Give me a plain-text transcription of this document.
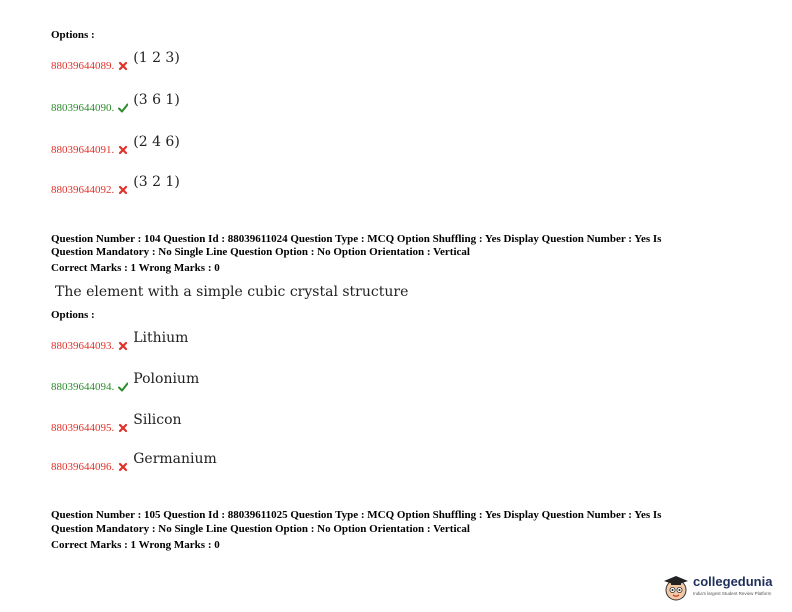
Options :
88039644089. (1 2 3)
88039644090. (3 6 1)
88039644091. (2 4 6)
88039644092. (3 2 1)
Question Number : 104 Question Id : 88039611024 Question Type : MCQ Option Shuffling : Yes Display Question Number : Yes Is
Question Mandatory : No Single Line Question Option : No Option Orientation : Vertical
Correct Marks : 1 Wrong Marks : 0
The element with a simple cubic crystal structure
Options :
88039644093. Lithium
88039644094. Polonium
88039644095. Silicon
88039644096. Germanium
Question Number : 105 Question Id : 88039611025 Question Type : MCQ Option Shuffling : Yes Display Question Number : Yes Is
Question Mandatory : No Single Line Question Option : No Option Orientation : Vertical
Correct Marks : 1 Wrong Marks : 0
collegedunia
India's largest Student Review Platform
